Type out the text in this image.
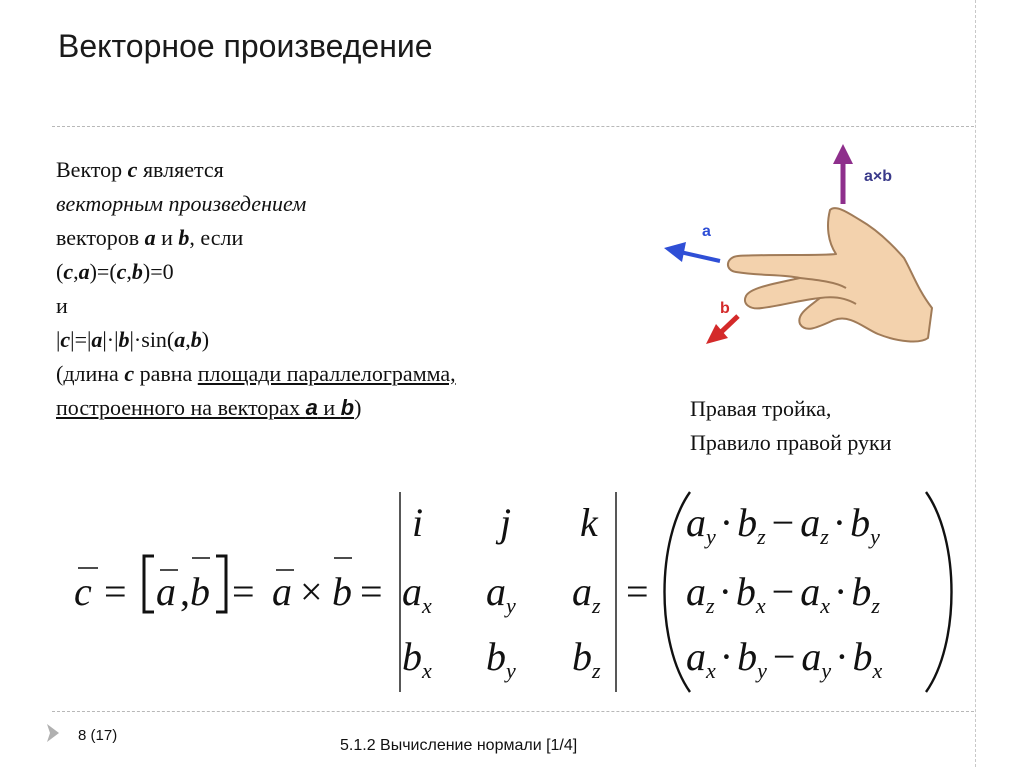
Векторное произведение
Вектор c является
векторным произведением
векторов a и b, если
(c,a)=(c,b)=0
и
|c|=|a|·|b|·sin(a,b)
(длина c равна площади параллелограмма,
построенного на векторах a и b)
a×b
a
b
Правая тройка,
Правило правой руки
c = a , b = a × b =
i j k
$a_x$ $a_y$ $a_z$
$b_x$ $b_y$ $b_z$
=
$a_y \cdot b_z - a_z \cdot b_y$
$a_z \cdot b_x - a_x \cdot b_z$
$a_x \cdot b_y - a_y \cdot b_x$
8 (17)
5.1.2 Вычисление нормали [1/4]
